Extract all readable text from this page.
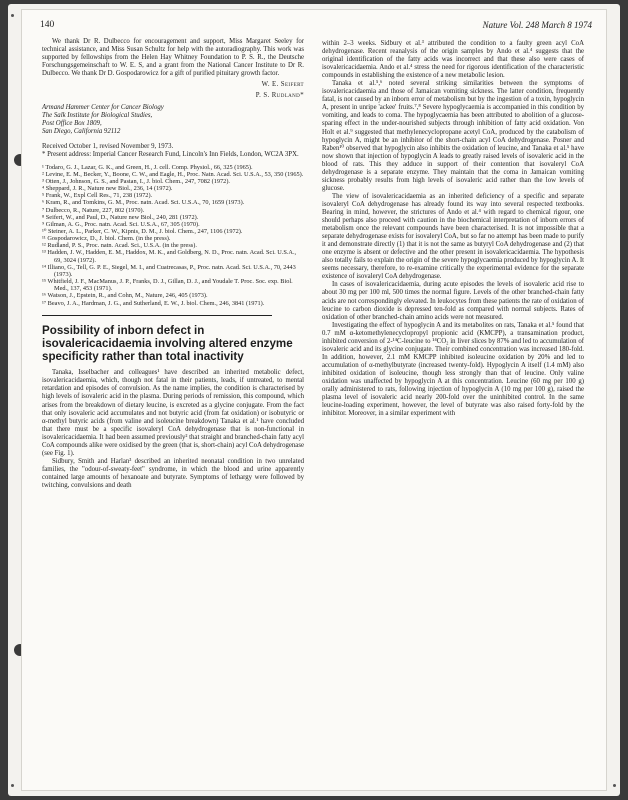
140	Nature Vol. 248 March 8 1974

We thank Dr R. Dulbecco for encouragement and support, Miss Margaret Seeley for technical assistance, and Miss Susan Schultz for help with the autoradiography. This work was supported by fellowships from the Helen Hay Whitney Foundation to P. S. R., the Deutsche Forschungsgemeinschaft to W. E. S, and a grant from the National Cancer Institute to Dr R. Dulbecco. We thank Dr D. Gospodarowicz for a gift of purified pituitary growth factor.

W. E. Seifert
P. S. Rudland*
Armand Hammer Center for Cancer Biology
The Salk Institute for Biological Studies,
Post Office Box 1809,
San Diego, California 92112
Received October 1, revised November 9, 1973.
* Present address: Imperial Cancer Research Fund, Lincoln's Inn Fields, London, WC2A 3PX.
¹ Todaro, G. J., Lazar, G. K., and Green, H., J. cell. Comp. Physiol., 66, 325 (1965).
² Levine, E. M., Becker, Y., Boone, C. W., and Eagle, H., Proc. Natn. Acad. Sci. U.S.A., 53, 350 (1965).
³ Otten, J., Johnson, G. S., and Pastan, I., J. biol. Chem., 247, 7082 (1972).
⁴ Sheppard, J. R., Nature new Biol., 236, 14 (1972).
⁵ Frank, W., Expl Cell Res., 71, 238 (1972).
⁶ Kram, R., and Tomkins, G. M., Proc. natn. Acad. Sci. U.S.A., 70, 1659 (1973).
⁷ Dulbecco, R., Nature, 227, 802 (1970).
⁸ Seifert, W., and Paul, D., Nature new Biol., 240, 281 (1972).
⁹ Gilman, A. G., Proc. natn. Acad. Sci. U.S.A., 67, 305 (1970).
¹⁰ Steiner, A. L., Parker, C. W., Kipnis, D. M., J. biol. Chem., 247, 1106 (1972).
¹¹ Gospodarowicz, D., J. biol. Chem. (in the press).
¹² Rudland, P. S., Proc. natn. Acad. Sci., U.S.A. (in the press).
¹³ Hadden, J. W., Hadden, E. M., Haddox, M. K., and Goldberg, N. D., Proc. natn. Acad. Sci. U.S.A., 69, 3024 (1972).
¹⁴ Illiano, G., Tell, G. P. E., Siegel, M. I., and Cuatrecasas, P., Proc. natn. Acad. Sci. U.S.A., 70, 2443 (1973).
¹⁵ Whitfield, J. F., MacManus, J. P., Franks, D. J., Gillan, D. J., and Youdale T. Proc. Soc. exp. Biol. Med., 137, 453 (1971).
¹⁶ Watson, J., Epstein, R., and Cohn, M., Nature, 246, 405 (1973).
¹⁷ Beavo, J. A., Hardman, J. G., and Sutherland, E. W., J. biol. Chem., 246, 3841 (1971).
Possibility of inborn defect in isovalericacidaemia involving altered enzyme specificity rather than total inactivity

Tanaka, Isselbacher and colleagues¹ have described an inherited metabolic defect, isovalericacidaemia, which, though not fatal in their patients, leads, if untreated, to mental retardation and episodes of convulsion. As the name implies, the condition is characterised by high levels of isovaleric acid in the plasma. During periods of remission, this compound, which arises from the breakdown of dietary leucine, is excreted as a glycine conjugate. From the fact that only isovaleric acid accumulates and not butyric acid (from fat oxidation) or isobutyric or α-methyl butyric acids (from valine and isoleucine breakdown) Tanaka et al.¹ have concluded that there must be a specific isovaleryl CoA dehydrogenase that is non-functional in isovalericacidaemia. It had been assumed previously² that straight and branched-chain fatty acyl CoA compounds alike were oxidised by the green (that is, short-chain) acyl CoA dehydrogenase (see Fig. 1).

Sidbury, Smith and Harlan³ described an inherited neonatal condition in two unrelated families, the "odour-of-sweaty-feet" syndrome, in which the blood and urine apparently contained large amounts of hexanoate and butyrate. Symptoms of lethargy were followed by twitching, convulsions and death

within 2–3 weeks. Sidbury et al.³ attributed the condition to a faulty green acyl CoA dehydrogenase. Recent reanalysis of the origin samples by Ando et al.⁴ suggests that the original identification of the fatty acids was incorrect and that these also were cases of isovalericacidaemia. Ando et al.⁴ stress the need for rigorous identification of the characteristic compounds in establishing the existence of a new metabolic lesion.

Tanaka et al.⁵,⁶ noted several striking similarities between the symptoms of isovalericacidaemia and those of Jamaican vomiting sickness. The latter condition, frequently fatal, is not caused by an inborn error of metabolism but by the ingestion of a toxin, hypoglycin A, present in unripe 'ackee' fruits.⁷,⁸ Severe hypoglycaemia is accompanied in this condition by vomiting, and leads to coma. The hypoglycaemia has been attributed to abolition of a glucose-sparing effect in the under-nourished subjects through inhibition of fatty acid oxidation. Von Holt et al.⁹ suggested that methylenecyclopropane acetyl CoA, produced by the catabolism of hypoglycin A, might be an inhibitor of the short-chain acyl CoA dehydrogenase. Posner and Raben¹⁰ observed that hypoglycin also inhibits the oxidation of leucine, and Tanaka et al.⁵ have now shown that injection of hypoglycin A leads to greatly raised levels of isovaleric acid in the blood of rats. This they adduce in support of their contention that isovaleryl CoA dehydrogenase is a separate enzyme. They maintain that the coma in Jamaican vomiting sickness probably results from high levels of isovaleric acid rather than the low levels of glucose.

The view of isovalericacidaemia as an inherited deficiency of a specific and separate isovaleryl CoA dehydrogenase has already found its way into several respected textbooks. Bearing in mind, however, the strictures of Ando et al.⁴ with regard to chemical rigour, one should perhaps also proceed with caution in the biochemical interpretation of inborn errors of metabolism once the relevant compounds have been characterised. It is not impossible that a separate dehydrogenase exists for isovaleryl CoA, but so far no attempt has been made to purify it and demonstrate directly (1) that it is not the same as butyryl CoA dehydrogenase and (2) that one enzyme is absent or defective and the other present in isovalericacidaemia. The hypothesis also totally fails to explain the origin of the severe hypoglycaemia produced by hypoglycin A. It seems necessary, therefore, to re-examine critically the experimental evidence for the separate existence of isovaleryl CoA dehydrogenase.

In cases of isovalericacidaemia, during acute episodes the levels of isovaleric acid rise to about 30 mg per 100 ml, 500 times the normal figure. Levels of the other branched-chain fatty acids are not correspondingly elevated. In leukocytes from these patients the rate of oxidation of leucine to carbon dioxide is depressed ten-fold as compared with normal subjects. Rates of oxidation of other branched-chain amino acids were not measured.

Investigating the effect of hypoglycin A and its metabolites on rats, Tanaka et al.⁵ found that 0.7 mM α-ketomethylenecyclopropyl propionic acid (KMCPP), a transamination product, inhibited conversion of 2-¹⁴C-leucine to ¹⁴CO₂ in liver slices by 87% and led to accumulation of isovaleric acid and its glycine conjugate. Their combined concentration was increased 180-fold. In addition, however, 2.1 mM KMCPP inhibited isoleucine oxidation by 20% and led to accumulation of α-methylbutyrate (increased twenty-fold). Hypoglycin A itself (1.4 mM) also inhibited oxidation of isoleucine, though less strongly than that of leucine. Only valine oxidation was unaffected by hypoglycin A at this concentration. Leucine (60 mg per 100 g) orally administered to rats, following injection of hypoglycin A (10 mg per 100 g), raised the plasma level of isovaleric acid nearly 200-fold over the uninhibited control. In the same leucine-loading experiment, however, the level of butyrate was also raised forty-fold by the inhibitor. Moreover, in a similar experiment with
